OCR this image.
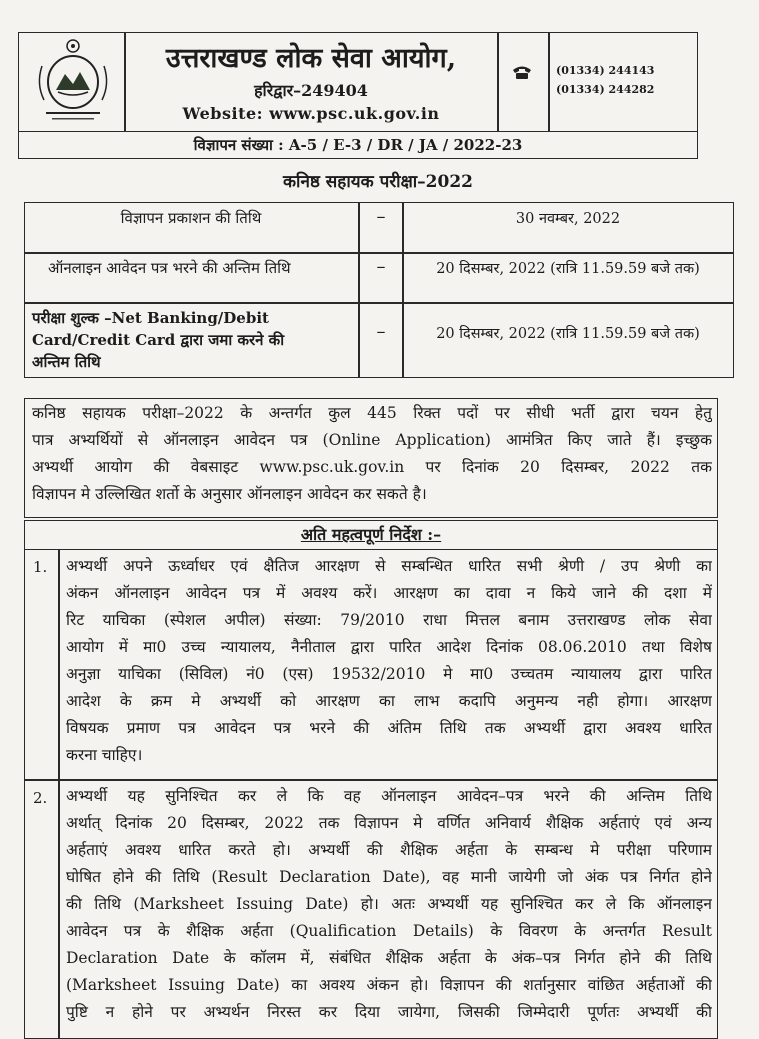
उत्तराखण्ड लोक सेवा आयोग,
हरिद्वार–249404
Website: www.psc.uk.gov.in
(01334) 244143
(01334) 244282
विज्ञापन संख्या : A-5 / E-3 / DR / JA / 2022-23
कनिष्ठ सहायक परीक्षा–2022
विज्ञापन प्रकाशन की तिथि	–	30 नवम्बर, 2022
ऑनलाइन आवेदन पत्र भरने की अन्तिम तिथि	–	20 दिसम्बर, 2022 (रात्रि 11.59.59 बजे तक)
परीक्षा शुल्क –Net Banking/Debit
Card/Credit Card द्वारा जमा करने की
अन्तिम तिथि
–	20 दिसम्बर, 2022 (रात्रि 11.59.59 बजे तक)
कनिष्ठ सहायक परीक्षा–2022 के अन्तर्गत कुल 445 रिक्त पदों पर सीधी भर्ती द्वारा चयन हेतु
पात्र अभ्यर्थियों से ऑनलाइन आवेदन पत्र (Online Application) आमंत्रित किए जाते हैं। इच्छुक
अभ्यर्थी आयोग की वेबसाइट www.psc.uk.gov.in पर दिनांक 20 दिसम्बर, 2022 तक
विज्ञापन मे उल्लिखित शर्तो के अनुसार ऑनलाइन आवेदन कर सकते है।
अति महत्वपूर्ण निर्देश :–
1. अभ्यर्थी अपने ऊर्ध्वाधर एवं क्षैतिज आरक्षण से सम्बन्धित धारित सभी श्रेणी / उप श्रेणी का
अंकन ऑनलाइन आवेदन पत्र में अवश्य करें। आरक्षण का दावा न किये जाने की दशा में
रिट याचिका (स्पेशल अपील) संख्या: 79/2010 राधा मित्तल बनाम उत्तराखण्ड लोक सेवा
आयोग में मा0 उच्च न्यायालय, नैनीताल द्वारा पारित आदेश दिनांक 08.06.2010 तथा विशेष
अनुज्ञा याचिका (सिविल) नं0 (एस) 19532/2010 मे मा0 उच्चतम न्यायालय द्वारा पारित
आदेश के क्रम मे अभ्यर्थी को आरक्षण का लाभ कदापि अनुमन्य नही होगा। आरक्षण
विषयक प्रमाण पत्र आवेदन पत्र भरने की अंतिम तिथि तक अभ्यर्थी द्वारा अवश्य धारित
करना चाहिए।
2. अभ्यर्थी यह सुनिश्चित कर ले कि वह ऑनलाइन आवेदन–पत्र भरने की अन्तिम तिथि
अर्थात् दिनांक 20 दिसम्बर, 2022 तक विज्ञापन मे वर्णित अनिवार्य शैक्षिक अर्हताएं एवं अन्य
अर्हताएं अवश्य धारित करते हो। अभ्यर्थी की शैक्षिक अर्हता के सम्बन्ध मे परीक्षा परिणाम
घोषित होने की तिथि (Result Declaration Date), वह मानी जायेगी जो अंक पत्र निर्गत होने
की तिथि (Marksheet Issuing Date) हो। अतः अभ्यर्थी यह सुनिश्चित कर ले कि ऑनलाइन
आवेदन पत्र के शैक्षिक अर्हता (Qualification Details) के विवरण के अन्तर्गत Result
Declaration Date के कॉलम में, संबंधित शैक्षिक अर्हता के अंक–पत्र निर्गत होने की तिथि
(Marksheet Issuing Date) का अवश्य अंकन हो। विज्ञापन की शर्तानुसार वांछित अर्हताओं की
पुष्टि न होने पर अभ्यर्थन निरस्त कर दिया जायेगा, जिसकी जिम्मेदारी पूर्णतः अभ्यर्थी की
